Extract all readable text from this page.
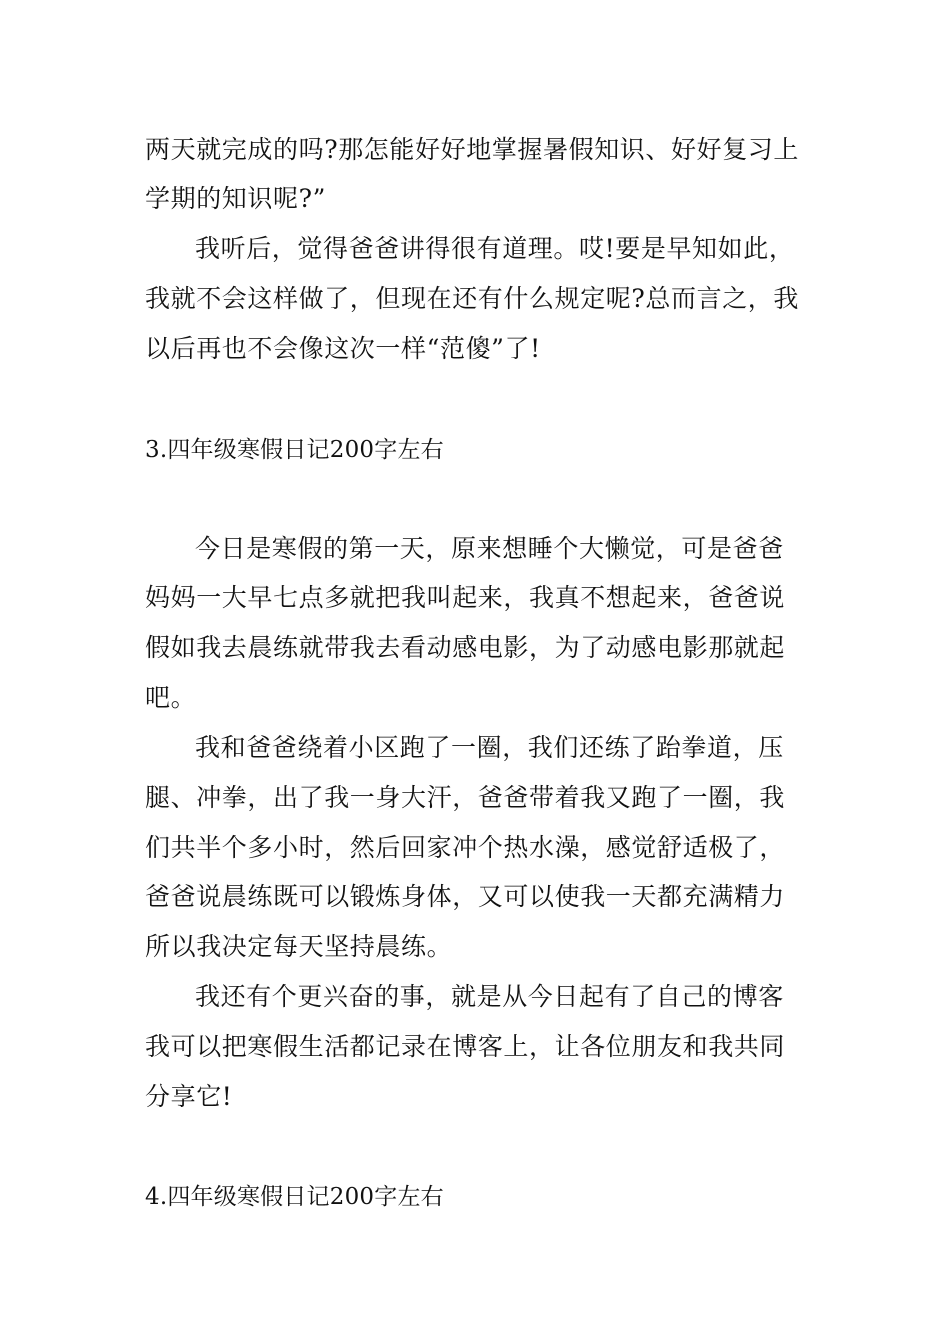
两天就完成的吗?那怎能好好地掌握暑假知识、好好复习上
学期的知识呢?”
我听后，觉得爸爸讲得很有道理。哎!要是早知如此，
我就不会这样做了，但现在还有什么规定呢?总而言之，我
以后再也不会像这次一样“范傻”了!
3.四年级寒假日记200字左右
今日是寒假的第一天，原来想睡个大懒觉，可是爸爸
妈妈一大早七点多就把我叫起来，我真不想起来，爸爸说
假如我去晨练就带我去看动感电影，为了动感电影那就起
吧。
我和爸爸绕着小区跑了一圈，我们还练了跆拳道，压
腿、冲拳，出了我一身大汗，爸爸带着我又跑了一圈，我
们共半个多小时，然后回家冲个热水澡，感觉舒适极了，
爸爸说晨练既可以锻炼身体，又可以使我一天都充满精力
所以我决定每天坚持晨练。
我还有个更兴奋的事，就是从今日起有了自己的博客
我可以把寒假生活都记录在博客上，让各位朋友和我共同
分享它!
4.四年级寒假日记200字左右
